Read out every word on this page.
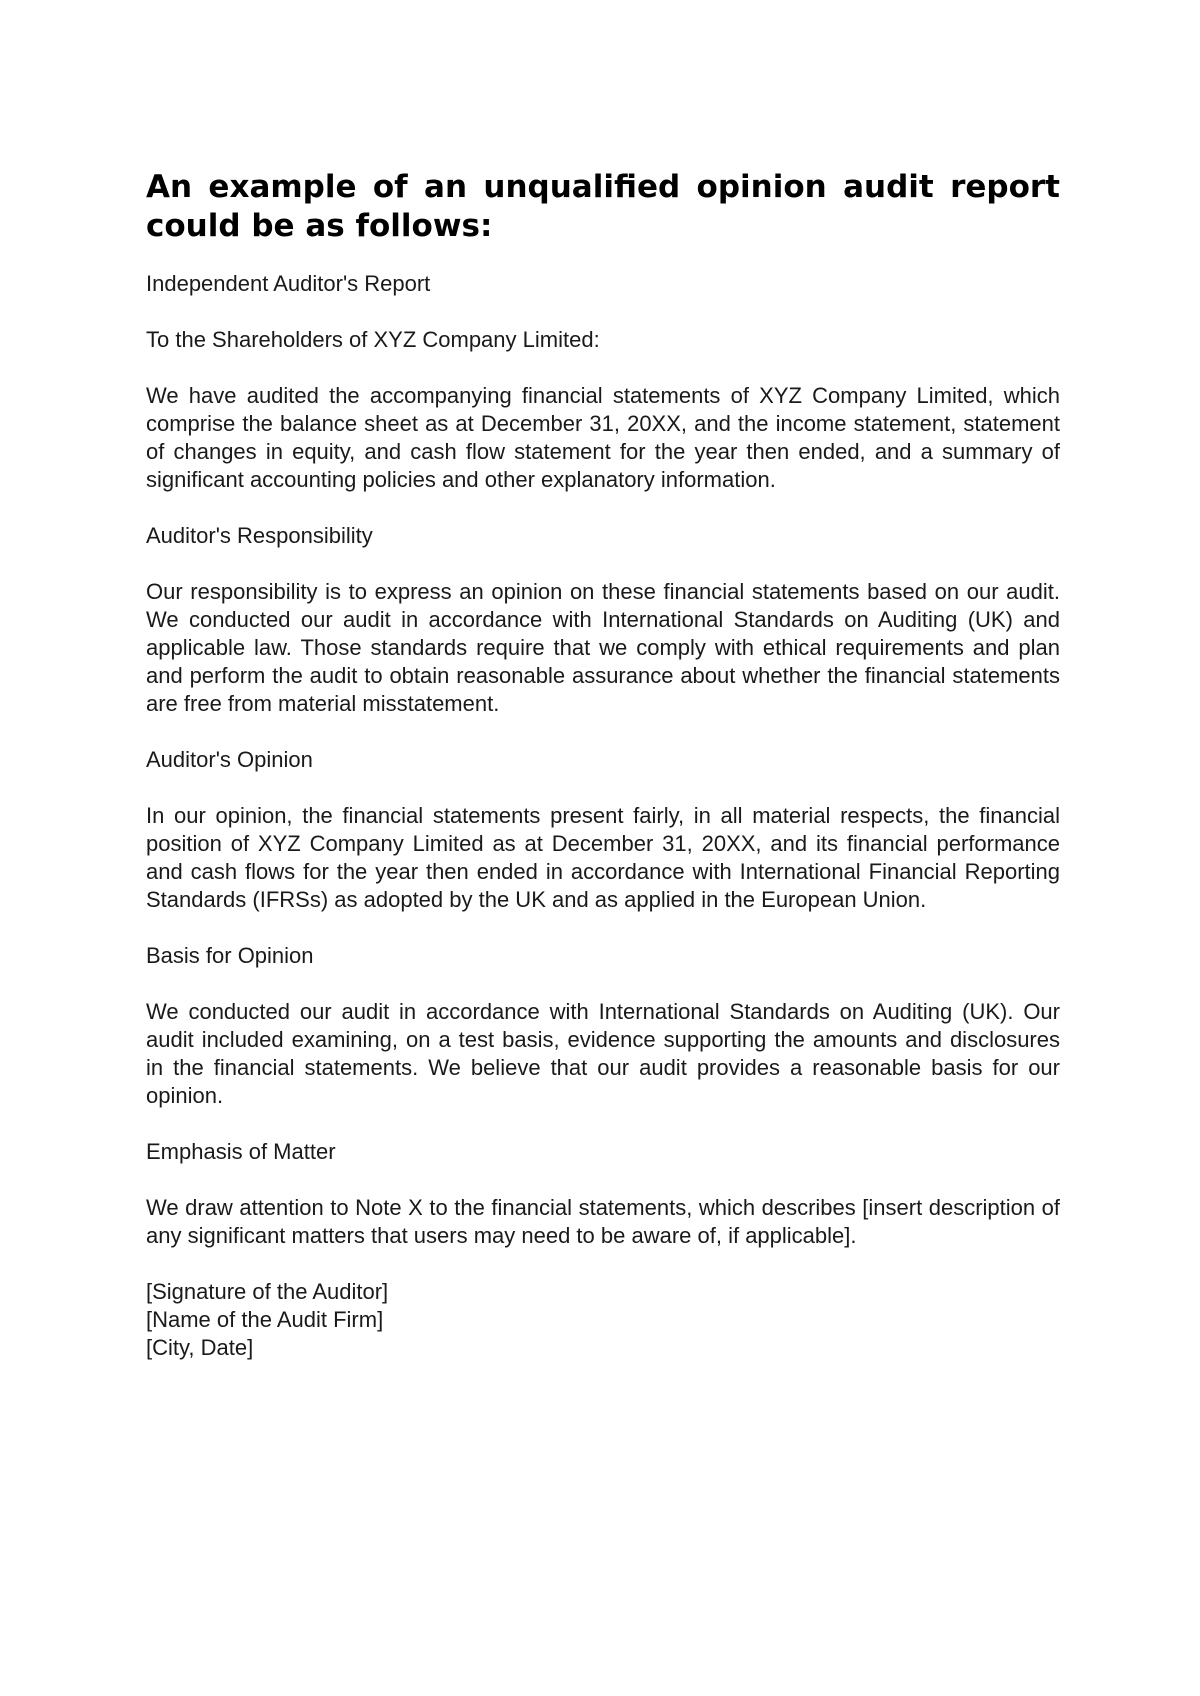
An example of an unqualified opinion audit report could be as follows:

Independent Auditor's Report

To the Shareholders of XYZ Company Limited:

We have audited the accompanying financial statements of XYZ Company Limited, which comprise the balance sheet as at December 31, 20XX, and the income statement, statement of changes in equity, and cash flow statement for the year then ended, and a summary of significant accounting policies and other explanatory information.

Auditor's Responsibility

Our responsibility is to express an opinion on these financial statements based on our audit. We conducted our audit in accordance with International Standards on Auditing (UK) and applicable law. Those standards require that we comply with ethical requirements and plan and perform the audit to obtain reasonable assurance about whether the financial statements are free from material misstatement.

Auditor's Opinion

In our opinion, the financial statements present fairly, in all material respects, the financial position of XYZ Company Limited as at December 31, 20XX, and its financial performance and cash flows for the year then ended in accordance with International Financial Reporting Standards (IFRSs) as adopted by the UK and as applied in the European Union.

Basis for Opinion

We conducted our audit in accordance with International Standards on Auditing (UK). Our audit included examining, on a test basis, evidence supporting the amounts and disclosures in the financial statements. We believe that our audit provides a reasonable basis for our opinion.

Emphasis of Matter

We draw attention to Note X to the financial statements, which describes [insert description of any significant matters that users may need to be aware of, if applicable].

[Signature of the Auditor]
[Name of the Audit Firm]
[City, Date]
